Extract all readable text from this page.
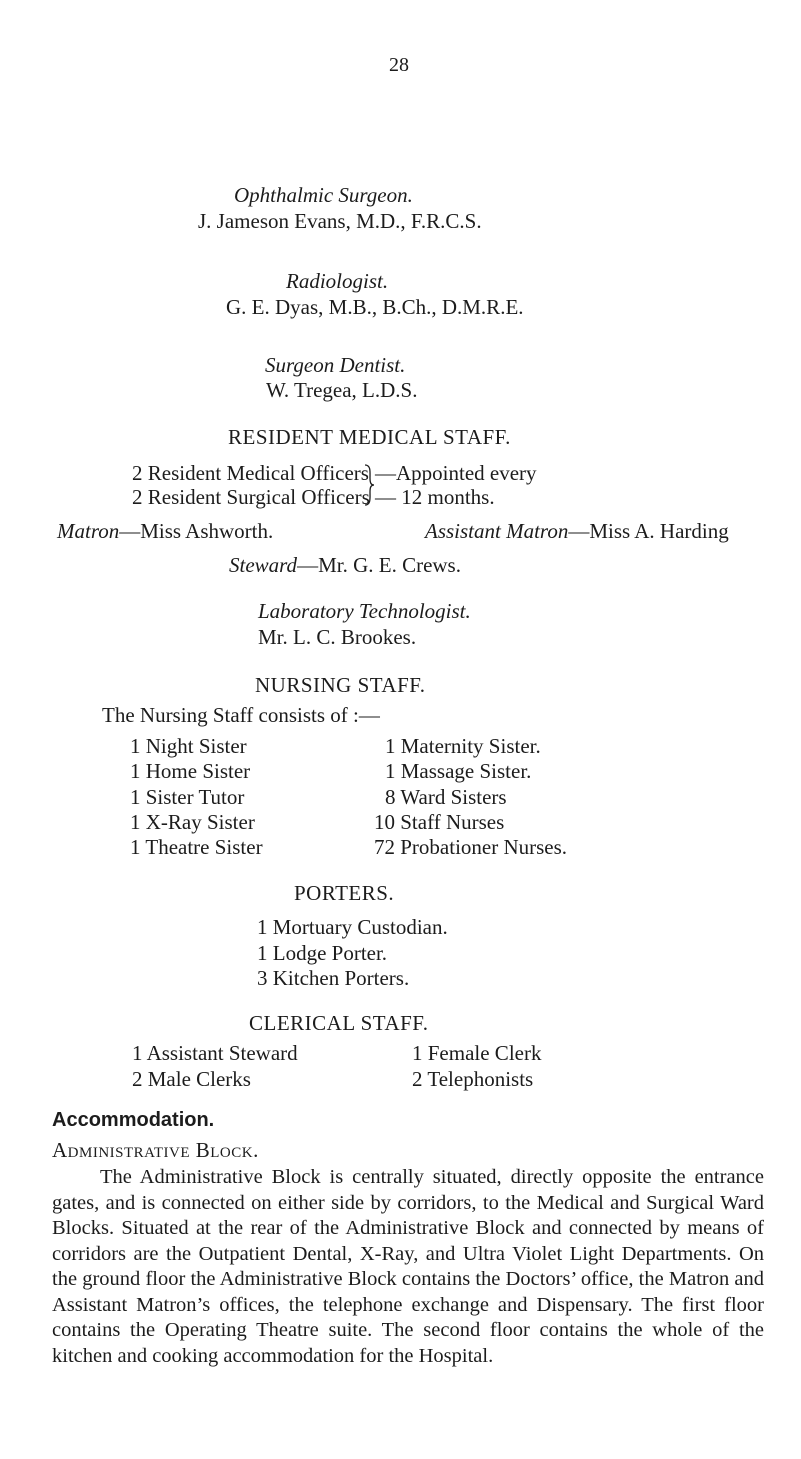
28
Ophthalmic Surgeon.
J. Jameson Evans, M.D., F.R.C.S.
Radiologist.
G. E. Dyas, M.B., B.Ch., D.M.R.E.
Surgeon Dentist.
W. Tregea, L.D.S.
RESIDENT MEDICAL STAFF.
2 Resident Medical Officers
2 Resident Surgical Officers
—Appointed every
— 12 months.
Matron—Miss Ashworth.	Assistant Matron—Miss A. Harding
Steward—Mr. G. E. Crews.
Laboratory Technologist.
Mr. L. C. Brookes.
NURSING STAFF.
The Nursing Staff consists of :—
1 Night Sister
1 Home Sister
1 Sister Tutor
1 X-Ray Sister
1 Theatre Sister
1 Maternity Sister.
1 Massage Sister.
8 Ward Sisters
10 Staff Nurses
72 Probationer Nurses.
PORTERS.
1 Mortuary Custodian.
1 Lodge Porter.
3 Kitchen Porters.
CLERICAL STAFF.
1 Assistant Steward
2 Male Clerks
1 Female Clerk
2 Telephonists
Accommodation.
Administrative Block.
The Administrative Block is centrally situated, directly opposite the entrance gates, and is connected on either side by corridors, to the Medical and Surgical Ward Blocks. Situated at the rear of the Administrative Block and connected by means of corridors are the Outpatient Dental, X-Ray, and Ultra Violet Light Departments. On the ground floor the Administrative Block contains the Doctors’ office, the Matron and Assistant Matron’s offices, the telephone exchange and Dispensary. The first floor contains the Operating Theatre suite. The second floor contains the whole of the kitchen and cooking accommodation for the Hospital.
